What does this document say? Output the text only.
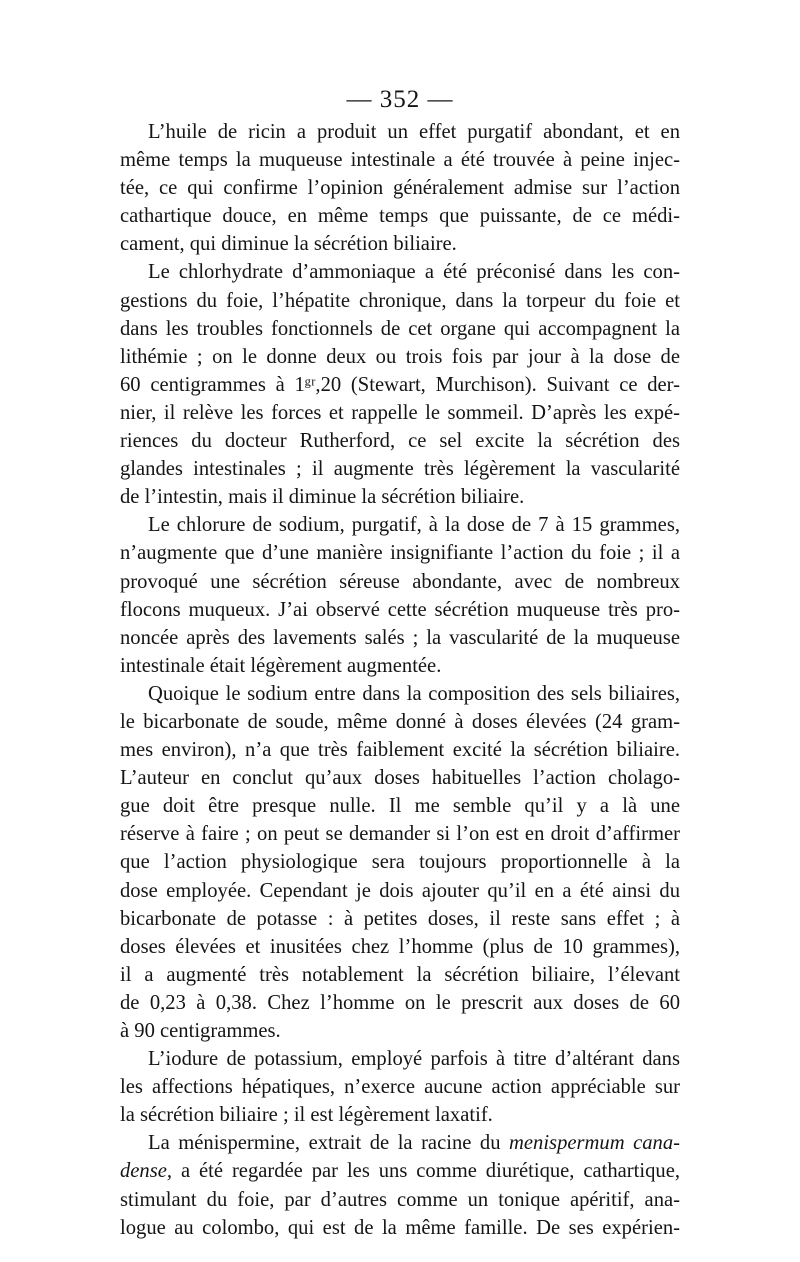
— 352 —
L’huile de ricin a produit un effet purgatif abondant, et en
même temps la muqueuse intestinale a été trouvée à peine injec-
tée, ce qui confirme l’opinion généralement admise sur l’action
cathartique douce, en même temps que puissante, de ce médi-
cament, qui diminue la sécrétion biliaire.
Le chlorhydrate d’ammoniaque a été préconisé dans les con-
gestions du foie, l’hépatite chronique, dans la torpeur du foie et
dans les troubles fonctionnels de cet organe qui accompagnent la
lithémie ; on le donne deux ou trois fois par jour à la dose de
60 centigrammes à 1ᵍʳ,20 (Stewart, Murchison). Suivant ce der-
nier, il relève les forces et rappelle le sommeil. D’après les expé-
riences du docteur Rutherford, ce sel excite la sécrétion des
glandes intestinales ; il augmente très légèrement la vascularité
de l’intestin, mais il diminue la sécrétion biliaire.
Le chlorure de sodium, purgatif, à la dose de 7 à 15 grammes,
n’augmente que d’une manière insignifiante l’action du foie ; il a
provoqué une sécrétion séreuse abondante, avec de nombreux
flocons muqueux. J’ai observé cette sécrétion muqueuse très pro-
noncée après des lavements salés ; la vascularité de la muqueuse
intestinale était légèrement augmentée.
Quoique le sodium entre dans la composition des sels biliaires,
le bicarbonate de soude, même donné à doses élevées (24 gram-
mes environ), n’a que très faiblement excité la sécrétion biliaire.
L’auteur en conclut qu’aux doses habituelles l’action cholago-
gue doit être presque nulle. Il me semble qu’il y a là une
réserve à faire ; on peut se demander si l’on est en droit d’affirmer
que l’action physiologique sera toujours proportionnelle à la
dose employée. Cependant je dois ajouter qu’il en a été ainsi du
bicarbonate de potasse : à petites doses, il reste sans effet ; à
doses élevées et inusitées chez l’homme (plus de 10 grammes),
il a augmenté très notablement la sécrétion biliaire, l’élevant
de 0,23 à 0,38. Chez l’homme on le prescrit aux doses de 60
à 90 centigrammes.
L’iodure de potassium, employé parfois à titre d’altérant dans
les affections hépatiques, n’exerce aucune action appréciable sur
la sécrétion biliaire ; il est légèrement laxatif.
La ménispermine, extrait de la racine du menispermum cana-
dense, a été regardée par les uns comme diurétique, cathartique,
stimulant du foie, par d’autres comme un tonique apéritif, ana-
logue au colombo, qui est de la même famille. De ses expérien-
